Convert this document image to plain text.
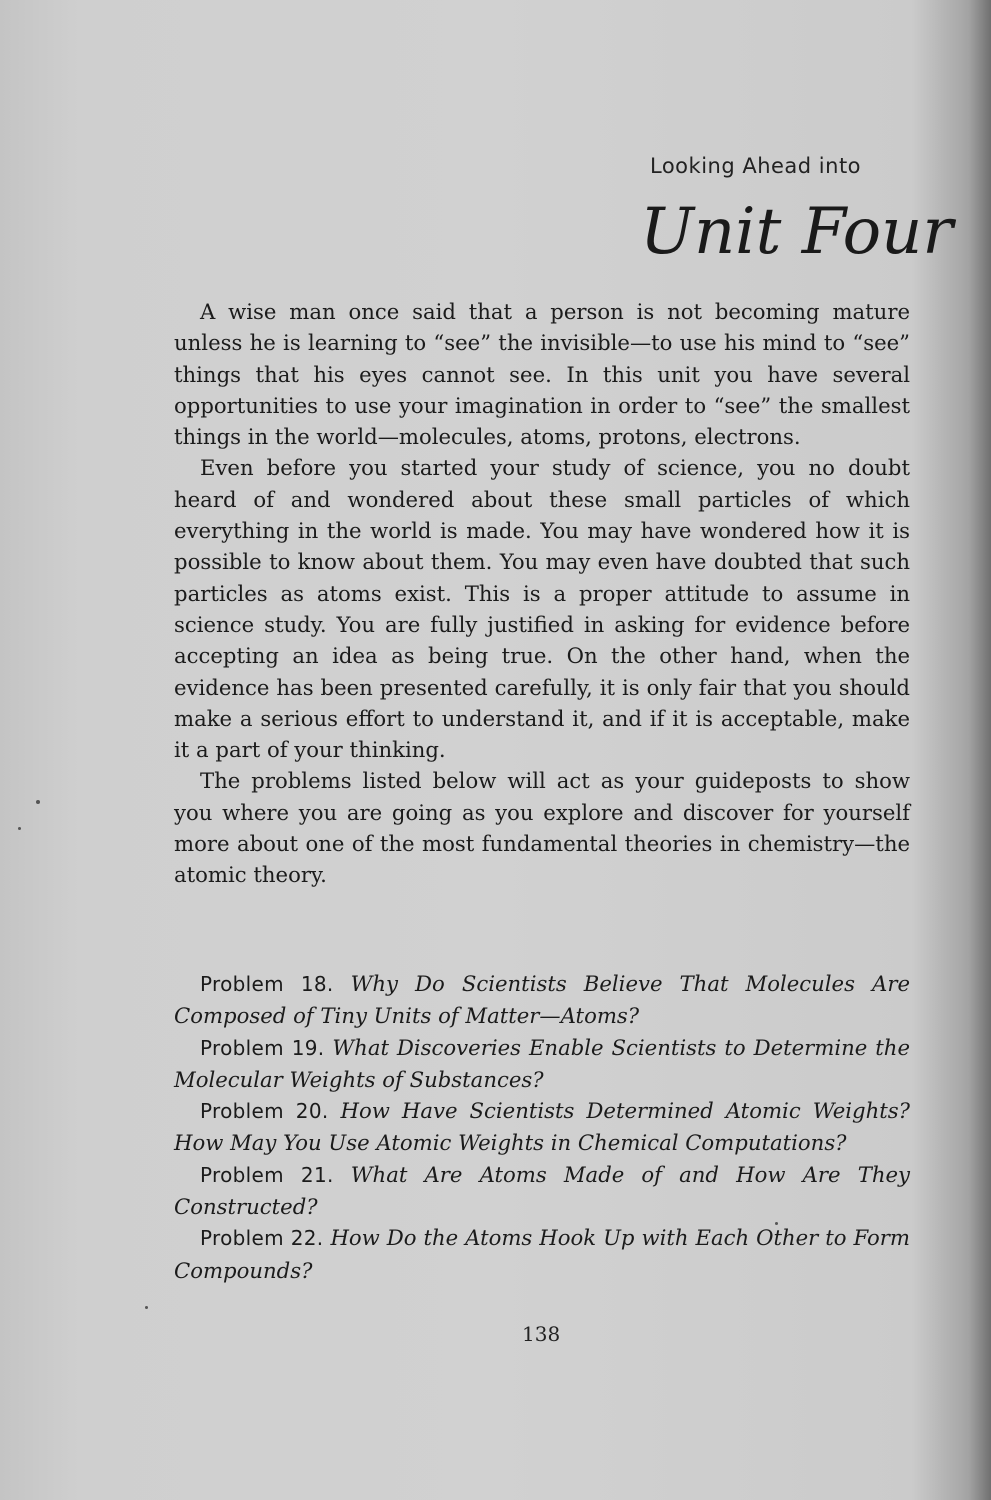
Looking Ahead into
Unit Four

A wise man once said that a person is not becoming mature unless he is learning to “see” the invisible—to use his mind to “see” things that his eyes cannot see. In this unit you have several opportunities to use your imagination in order to “see” the smallest things in the world—molecules, atoms, protons, electrons.

Even before you started your study of science, you no doubt heard of and wondered about these small particles of which everything in the world is made. You may have wondered how it is possible to know about them. You may even have doubted that such particles as atoms exist. This is a proper attitude to assume in science study. You are fully justified in asking for evidence before accepting an idea as being true. On the other hand, when the evidence has been presented carefully, it is only fair that you should make a serious effort to understand it, and if it is acceptable, make it a part of your thinking.

The problems listed below will act as your guideposts to show you where you are going as you explore and discover for yourself more about one of the most fundamental theories in chemistry—the atomic theory.

Problem 18. Why Do Scientists Believe That Molecules Are Composed of Tiny Units of Matter—Atoms?

Problem 19. What Discoveries Enable Scientists to Determine the Molecular Weights of Substances?

Problem 20. How Have Scientists Determined Atomic Weights? How May You Use Atomic Weights in Chemical Computations?

Problem 21. What Are Atoms Made of and How Are They Constructed?

Problem 22. How Do the Atoms Hook Up with Each Other to Form Compounds?

138
